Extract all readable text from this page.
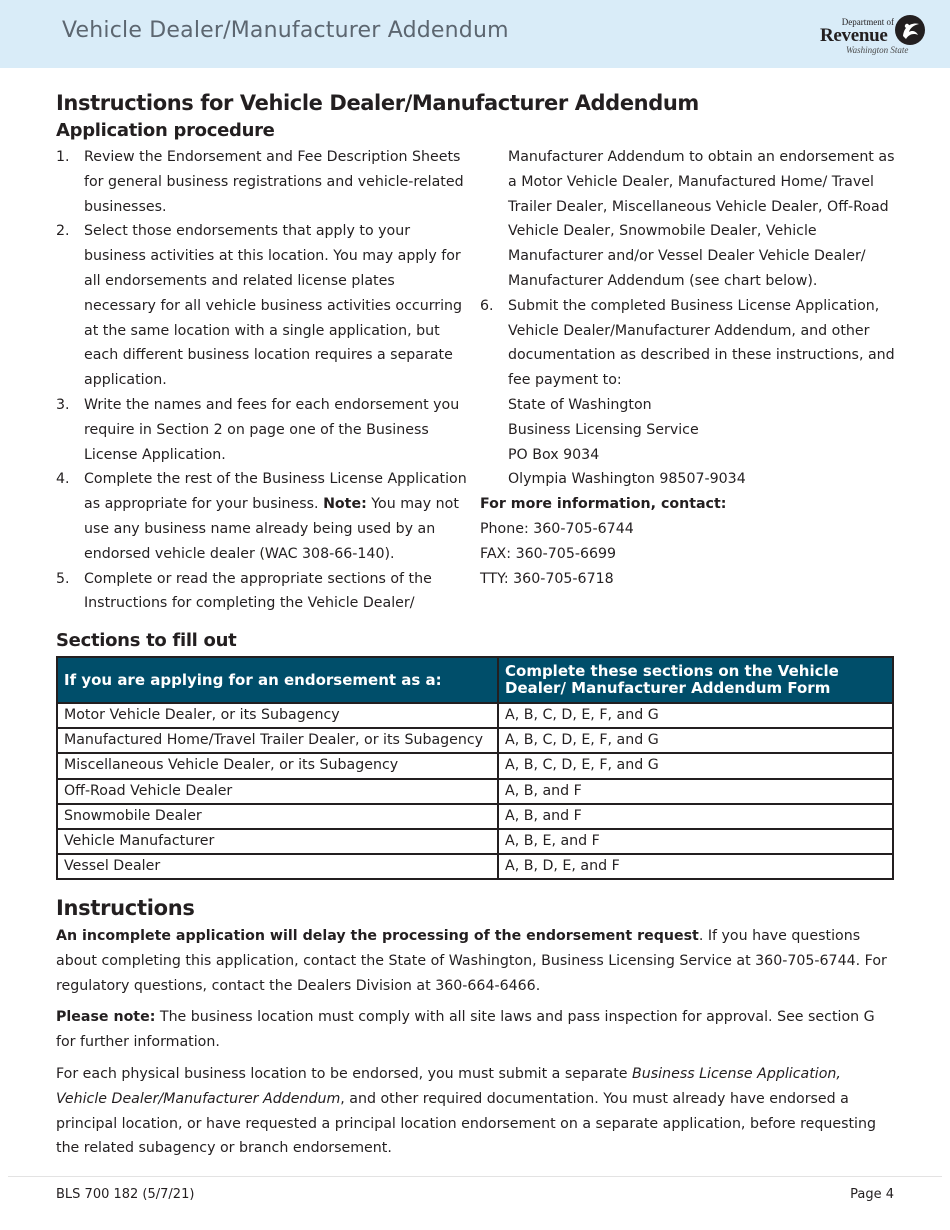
Vehicle Dealer/Manufacturer Addendum	Department of
Revenue
Washington State
Instructions for Vehicle Dealer/Manufacturer Addendum
Application procedure
1. Review the Endorsement and Fee Description Sheets for general business registrations and vehicle-related businesses.
2. Select those endorsements that apply to your business activities at this location. You may apply for all endorsements and related license plates necessary for all vehicle business activities occurring at the same location with a single application, but each different business location requires a separate application.
3. Write the names and fees for each endorsement you require in Section 2 on page one of the Business License Application.
4. Complete the rest of the Business License Application as appropriate for your business. Note: You may not use any business name already being used by an endorsed vehicle dealer (WAC 308-66-140).
5. Complete or read the appropriate sections of the Instructions for completing the Vehicle Dealer/
Manufacturer Addendum to obtain an endorsement as a Motor Vehicle Dealer, Manufactured Home/ Travel Trailer Dealer, Miscellaneous Vehicle Dealer, Off-Road Vehicle Dealer, Snowmobile Dealer, Vehicle Manufacturer and/or Vessel Dealer Vehicle Dealer/ Manufacturer Addendum (see chart below).
6. Submit the completed Business License Application, Vehicle Dealer/Manufacturer Addendum, and other documentation as described in these instructions, and fee payment to:
State of Washington
Business Licensing Service
PO Box 9034
Olympia Washington 98507-9034
For more information, contact:
Phone: 360-705-6744
FAX: 360-705-6699
TTY: 360-705-6718
Sections to fill out
If you are applying for an endorsement as a:	Complete these sections on the Vehicle Dealer/ Manufacturer Addendum Form
Motor Vehicle Dealer, or its Subagency	A, B, C, D, E, F, and G
Manufactured Home/Travel Trailer Dealer, or its Subagency	A, B, C, D, E, F, and G
Miscellaneous Vehicle Dealer, or its Subagency	A, B, C, D, E, F, and G
Off-Road Vehicle Dealer	A, B, and F
Snowmobile Dealer	A, B, and F
Vehicle Manufacturer	A, B, E, and F
Vessel Dealer	A, B, D, E, and F
Instructions
An incomplete application will delay the processing of the endorsement request. If you have questions about completing this application, contact the State of Washington, Business Licensing Service at 360-705-6744. For regulatory questions, contact the Dealers Division at 360-664-6466.
Please note: The business location must comply with all site laws and pass inspection for approval. See section G for further information.
For each physical business location to be endorsed, you must submit a separate Business License Application, Vehicle Dealer/Manufacturer Addendum, and other required documentation. You must already have endorsed a principal location, or have requested a principal location endorsement on a separate application, before requesting the related subagency or branch endorsement.
BLS 700 182 (5/7/21)	Page 4
